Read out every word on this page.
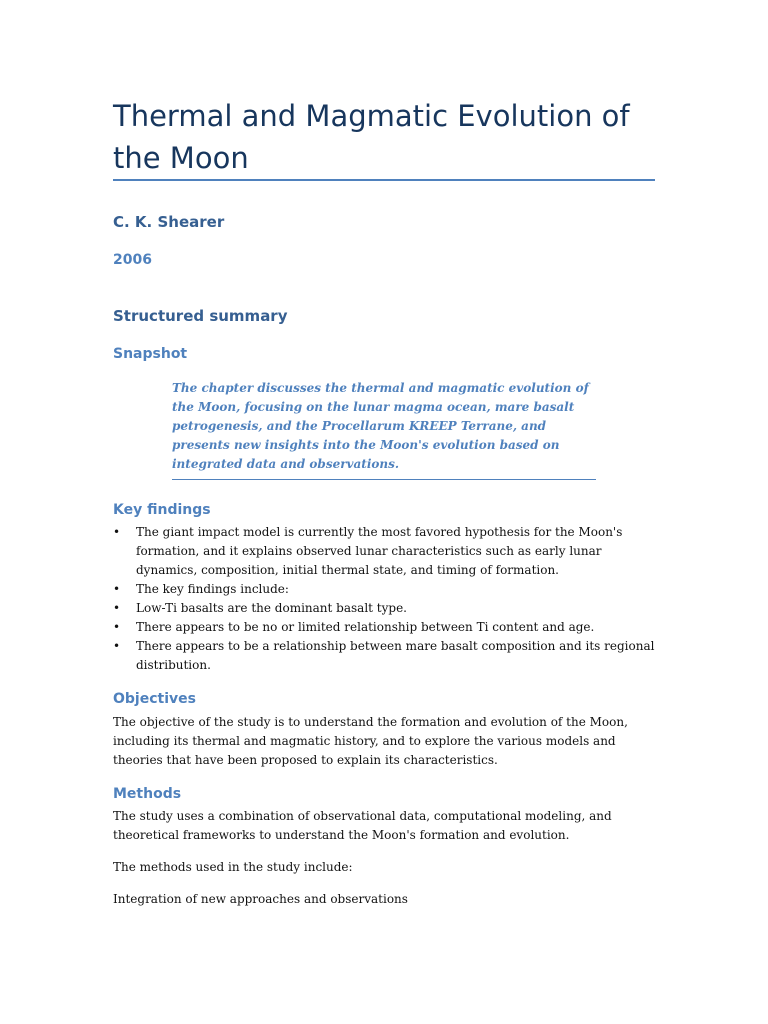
Thermal and Magmatic Evolution of the Moon
C. K. Shearer
2006
Structured summary
Snapshot
The chapter discusses the thermal and magmatic evolution of the Moon, focusing on the lunar magma ocean, mare basalt petrogenesis, and the Procellarum KREEP Terrane, and presents new insights into the Moon's evolution based on integrated data and observations.
Key findings
• The giant impact model is currently the most favored hypothesis for the Moon's formation, and it explains observed lunar characteristics such as early lunar dynamics, composition, initial thermal state, and timing of formation.
• The key findings include:
• Low-Ti basalts are the dominant basalt type.
• There appears to be no or limited relationship between Ti content and age.
• There appears to be a relationship between mare basalt composition and its regional distribution.
Objectives

The objective of the study is to understand the formation and evolution of the Moon, including its thermal and magmatic history, and to explore the various models and theories that have been proposed to explain its characteristics.

Methods

The study uses a combination of observational data, computational modeling, and theoretical frameworks to understand the Moon's formation and evolution.

The methods used in the study include:

Integration of new approaches and observations
